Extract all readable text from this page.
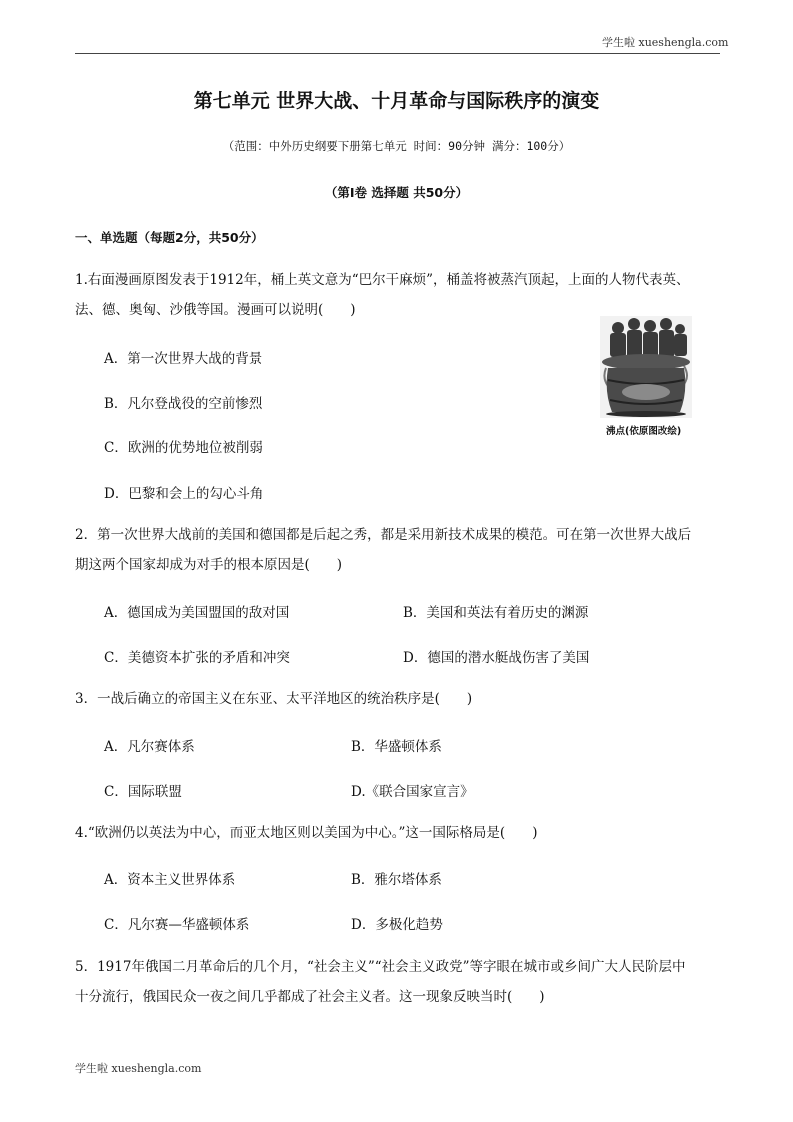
学生啦 xueshengla.com
第七单元 世界大战、十月革命与国际秩序的演变
（范围：中外历史纲要下册第七单元 时间：90分钟 满分：100分）
（第Ⅰ卷 选择题 共50分）
一、单选题（每题2分，共50分）
1.右面漫画原图发表于1912年，桶上英文意为“巴尔干麻烦”，桶盖将被蒸汽顶起，上面的人物代表英、
法、德、奥匈、沙俄等国。漫画可以说明(　　)
A．第一次世界大战的背景
B．凡尔登战役的空前惨烈
C．欧洲的优势地位被削弱
D．巴黎和会上的勾心斗角
沸点(依原图改绘)
2．第一次世界大战前的美国和德国都是后起之秀，都是采用新技术成果的模范。可在第一次世界大战后
期这两个国家却成为对手的根本原因是(　　)
A．德国成为美国盟国的敌对国	B．美国和英法有着历史的渊源
C．美德资本扩张的矛盾和冲突	D．德国的潜水艇战伤害了美国
3．一战后确立的帝国主义在东亚、太平洋地区的统治秩序是(　　)
A．凡尔赛体系	B．华盛顿体系
C．国际联盟	D.《联合国家宣言》
4.“欧洲仍以英法为中心，而亚太地区则以美国为中心。”这一国际格局是(　　)
A．资本主义世界体系	B．雅尔塔体系
C．凡尔赛—华盛顿体系	D．多极化趋势
5．1917年俄国二月革命后的几个月，“社会主义”“社会主义政党”等字眼在城市或乡间广大人民阶层中
十分流行，俄国民众一夜之间几乎都成了社会主义者。这一现象反映当时(　　)
学生啦 xueshengla.com
